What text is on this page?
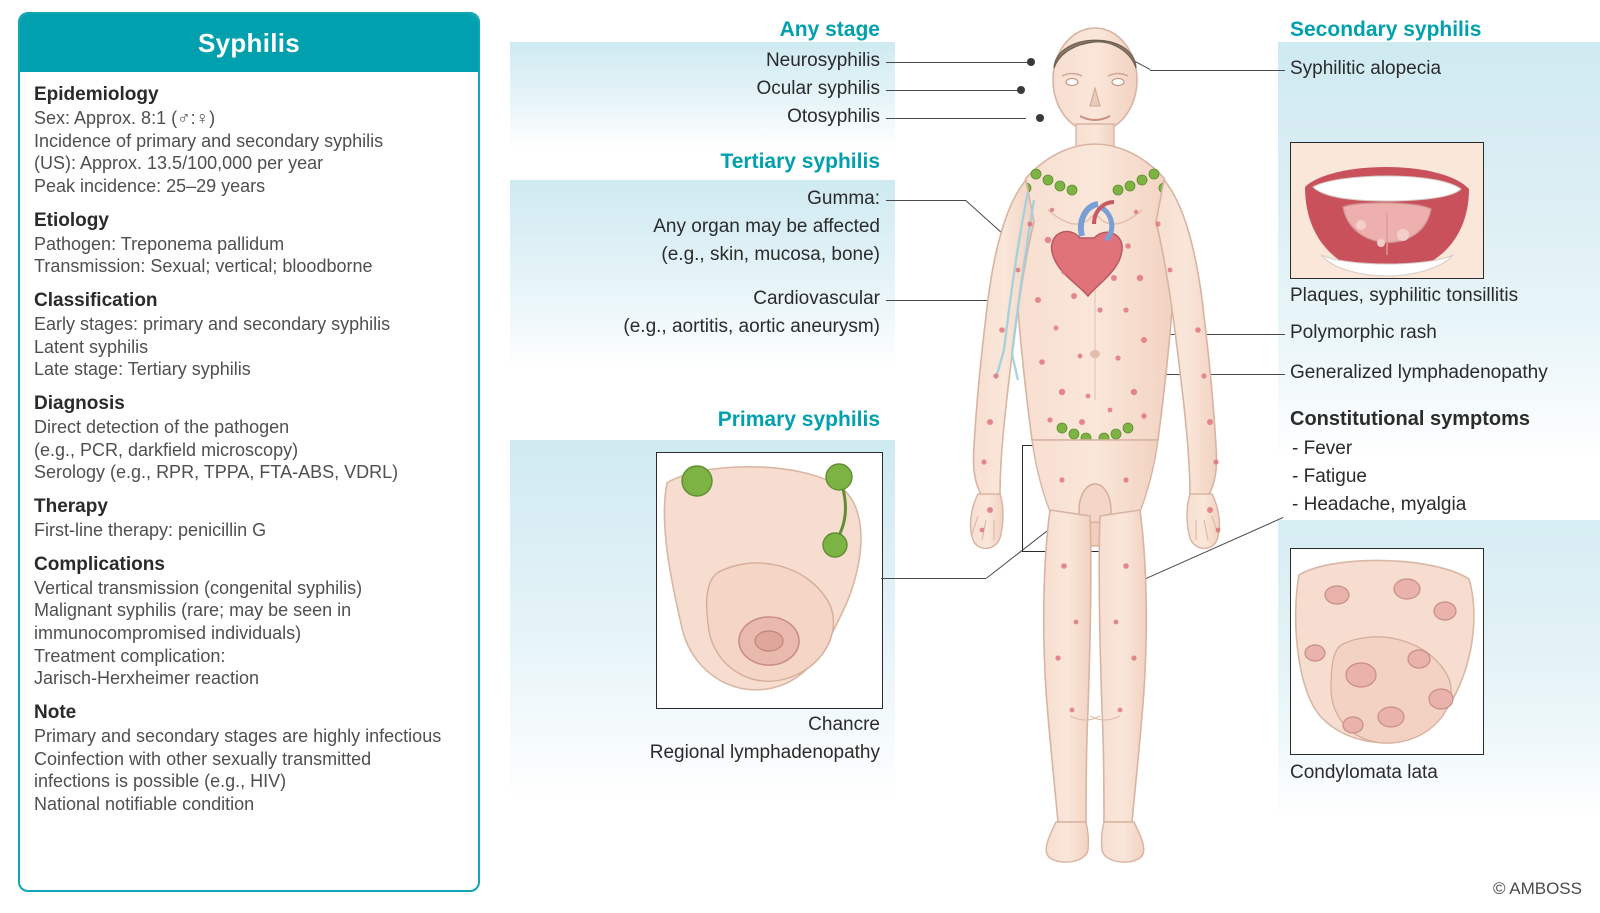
Syphilis
Epidemiology
Sex: Approx. 8:1 (♂:♀)
Incidence of primary and secondary syphilis
(US): Approx. 13.5/100,000 per year
Peak incidence: 25–29 years
Etiology
Pathogen: Treponema pallidum
Transmission: Sexual; vertical; bloodborne
Classification
Early stages: primary and secondary syphilis
Latent syphilis
Late stage: Tertiary syphilis
Diagnosis
Direct detection of the pathogen
(e.g., PCR, darkfield microscopy)
Serology (e.g., RPR, TPPA, FTA-ABS, VDRL)
Therapy
First-line therapy: penicillin G
Complications
Vertical transmission (congenital syphilis)
Malignant syphilis (rare; may be seen in
immunocompromised individuals)
Treatment complication:
Jarisch-Herxheimer reaction
Note
Primary and secondary stages are highly infectious
Coinfection with other sexually transmitted
infections is possible (e.g., HIV)
National notifiable condition
Any stage
Neurosyphilis
Ocular syphilis
Otosyphilis
Tertiary syphilis
Gumma:
Any organ may be affected
(e.g., skin, mucosa, bone)
Cardiovascular
(e.g., aortitis, aortic aneurysm)
Primary syphilis
Chancre
Regional lymphadenopathy
Secondary syphilis
Syphilitic alopecia
Plaques, syphilitic tonsillitis
Polymorphic rash
Generalized lymphadenopathy
Constitutional symptoms
- Fever
- Fatigue
- Headache, myalgia
Condylomata lata
© AMBOSS
